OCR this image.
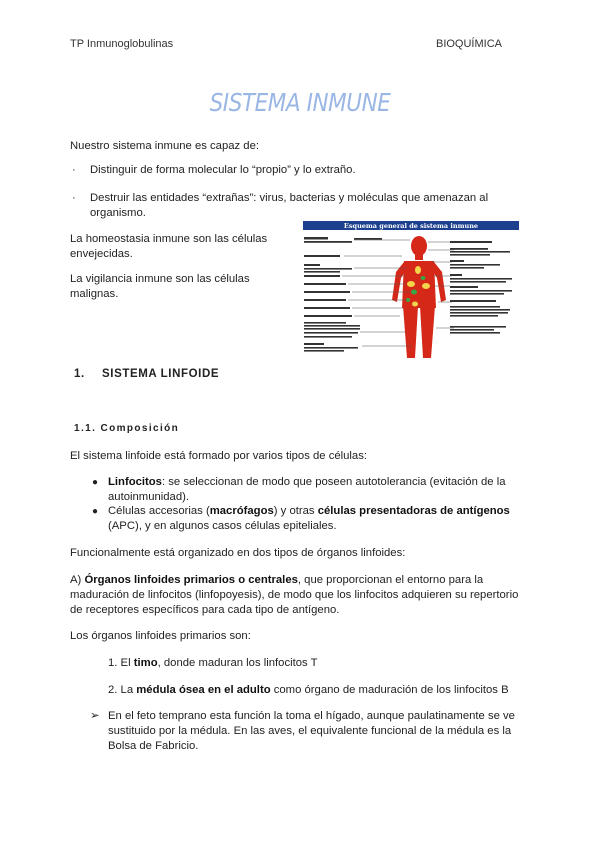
TP Inmunoglobulinas	BIOQUÍMICA
SISTEMA INMUNE
Nuestro sistema inmune es capaz de:
· Distinguir de forma molecular lo “propio” y lo extraño.
· Destruir las entidades “extrañas”: virus, bacterias y moléculas que amenazan al organismo.
La homeostasia inmune son las células envejecidas.
La vigilancia inmune son las células malignas.
Esquema general de sistema inmune
1. SISTEMA LINFOIDE
1.1. Composición
El sistema linfoide está formado por varios tipos de células:
● Linfocitos: se seleccionan de modo que poseen autotolerancia (evitación de la autoinmunidad).
● Células accesorias (macrófagos) y otras células presentadoras de antígenos (APC), y en algunos casos células epiteliales.
Funcionalmente está organizado en dos tipos de órganos linfoides:
A) Órganos linfoides primarios o centrales, que proporcionan el entorno para la maduración de linfocitos (linfopoyesis), de modo que los linfocitos adquieren su repertorio de receptores específicos para cada tipo de antígeno.
Los órganos linfoides primarios son:
1. El timo, donde maduran los linfocitos T
2. La médula ósea en el adulto como órgano de maduración de los linfocitos B
➢ En el feto temprano esta función la toma el hígado, aunque paulatinamente se ve sustituido por la médula. En las aves, el equivalente funcional de la médula es la Bolsa de Fabricio.
